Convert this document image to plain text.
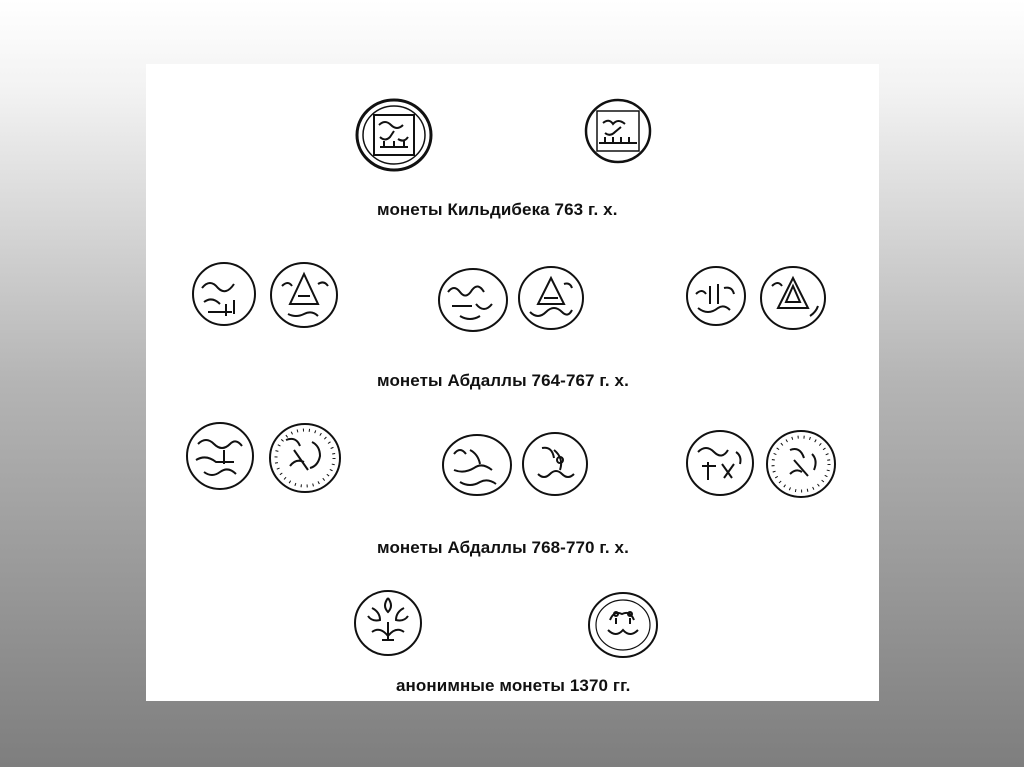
монеты Кильдибека 763 г. х.
монеты Абдаллы 764-767 г. х.
монеты Абдаллы 768-770 г. х.
анонимные монеты 1370 гг.
